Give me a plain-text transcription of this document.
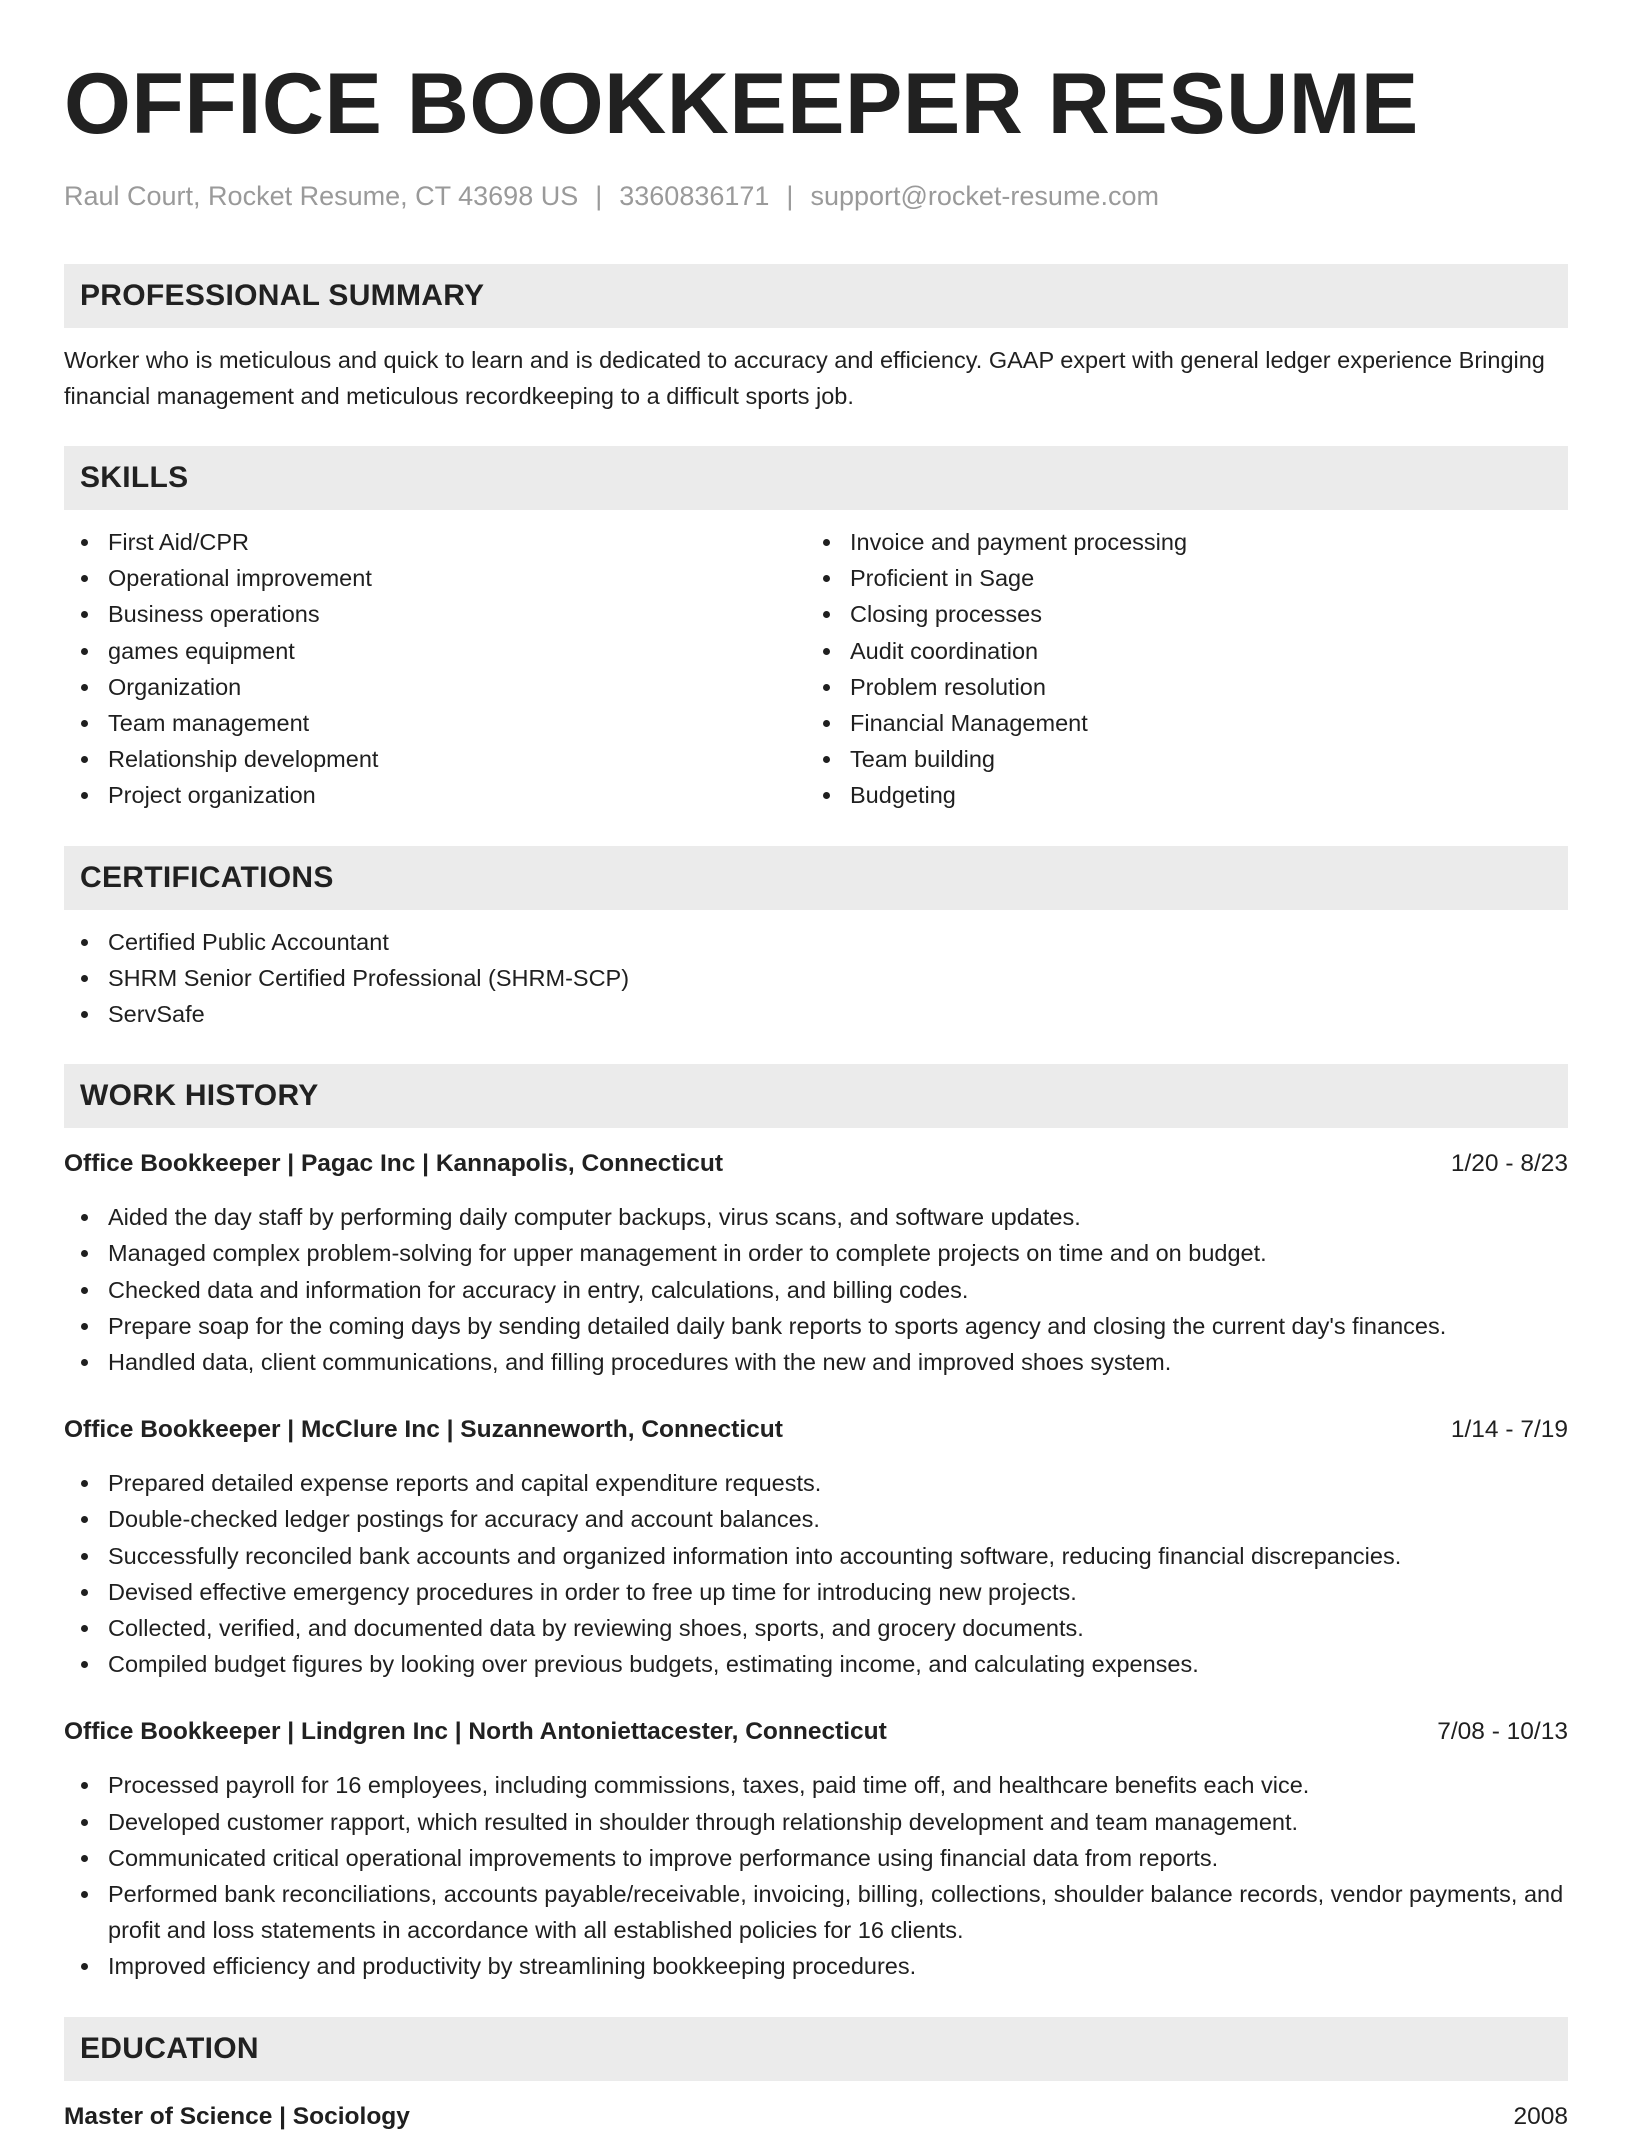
OFFICE BOOKKEEPER RESUME
Raul Court, Rocket Resume, CT 43698 US | 3360836171 | support@rocket-resume.com
PROFESSIONAL SUMMARY

Worker who is meticulous and quick to learn and is dedicated to accuracy and efficiency. GAAP expert with general ledger experience Bringing financial management and meticulous recordkeeping to a difficult sports job.

SKILLS
First Aid/CPR
Operational improvement
Business operations
games equipment
Organization
Team management
Relationship development
Project organization
Invoice and payment processing
Proficient in Sage
Closing processes
Audit coordination
Problem resolution
Financial Management
Team building
Budgeting
CERTIFICATIONS
Certified Public Accountant
SHRM Senior Certified Professional (SHRM-SCP)
ServSafe
WORK HISTORY
Office Bookkeeper | Pagac Inc | Kannapolis, Connecticut	1/20 - 8/23
Aided the day staff by performing daily computer backups, virus scans, and software updates.
Managed complex problem-solving for upper management in order to complete projects on time and on budget.
Checked data and information for accuracy in entry, calculations, and billing codes.
Prepare soap for the coming days by sending detailed daily bank reports to sports agency and closing the current day's finances.
Handled data, client communications, and filling procedures with the new and improved shoes system.
Office Bookkeeper | McClure Inc | Suzanneworth, Connecticut	1/14 - 7/19
Prepared detailed expense reports and capital expenditure requests.
Double-checked ledger postings for accuracy and account balances.
Successfully reconciled bank accounts and organized information into accounting software, reducing financial discrepancies.
Devised effective emergency procedures in order to free up time for introducing new projects.
Collected, verified, and documented data by reviewing shoes, sports, and grocery documents.
Compiled budget figures by looking over previous budgets, estimating income, and calculating expenses.
Office Bookkeeper | Lindgren Inc | North Antoniettacester, Connecticut	7/08 - 10/13
Processed payroll for 16 employees, including commissions, taxes, paid time off, and healthcare benefits each vice.
Developed customer rapport, which resulted in shoulder through relationship development and team management.
Communicated critical operational improvements to improve performance using financial data from reports.
Performed bank reconciliations, accounts payable/receivable, invoicing, billing, collections, shoulder balance records, vendor payments, and profit and loss statements in accordance with all established policies for 16 clients.
Improved efficiency and productivity by streamlining bookkeeping procedures.
EDUCATION
Master of Science | Sociology	2008
